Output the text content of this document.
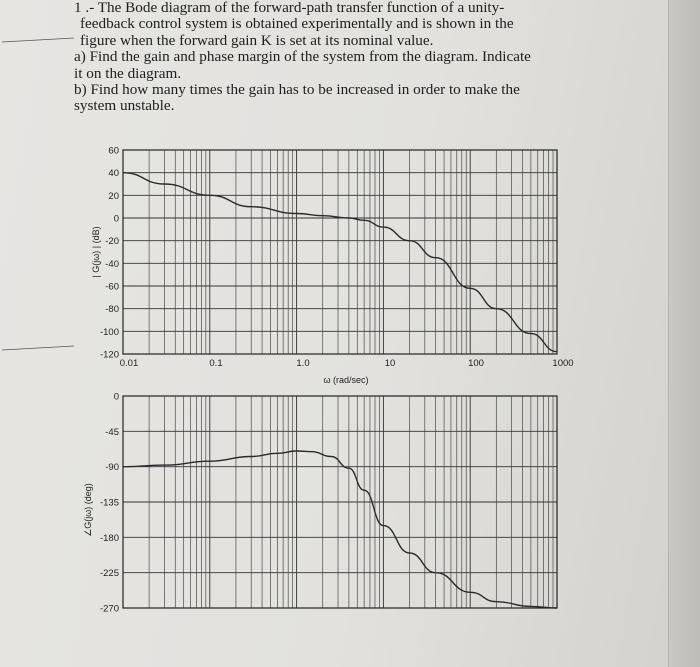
1 .- The Bode diagram of the forward-path transfer function of a unity-

feedback control system is obtained experimentally and is shown in the

figure when the forward gain K is set at its nominal value.

a) Find the gain and phase margin of the system from the diagram. Indicate

it on the diagram.

b) Find how many times the gain has to be increased in order to make the

system unstable.

60
40
20
0
-20
-40
-60
-80
-100
-120
0.01	0.1	1.0	10	100	1000
0
-45
-90
-135
-180
-225
-270
ω (rad/sec)
| G(jω) | (dB)
∠G(jω) (deg)
